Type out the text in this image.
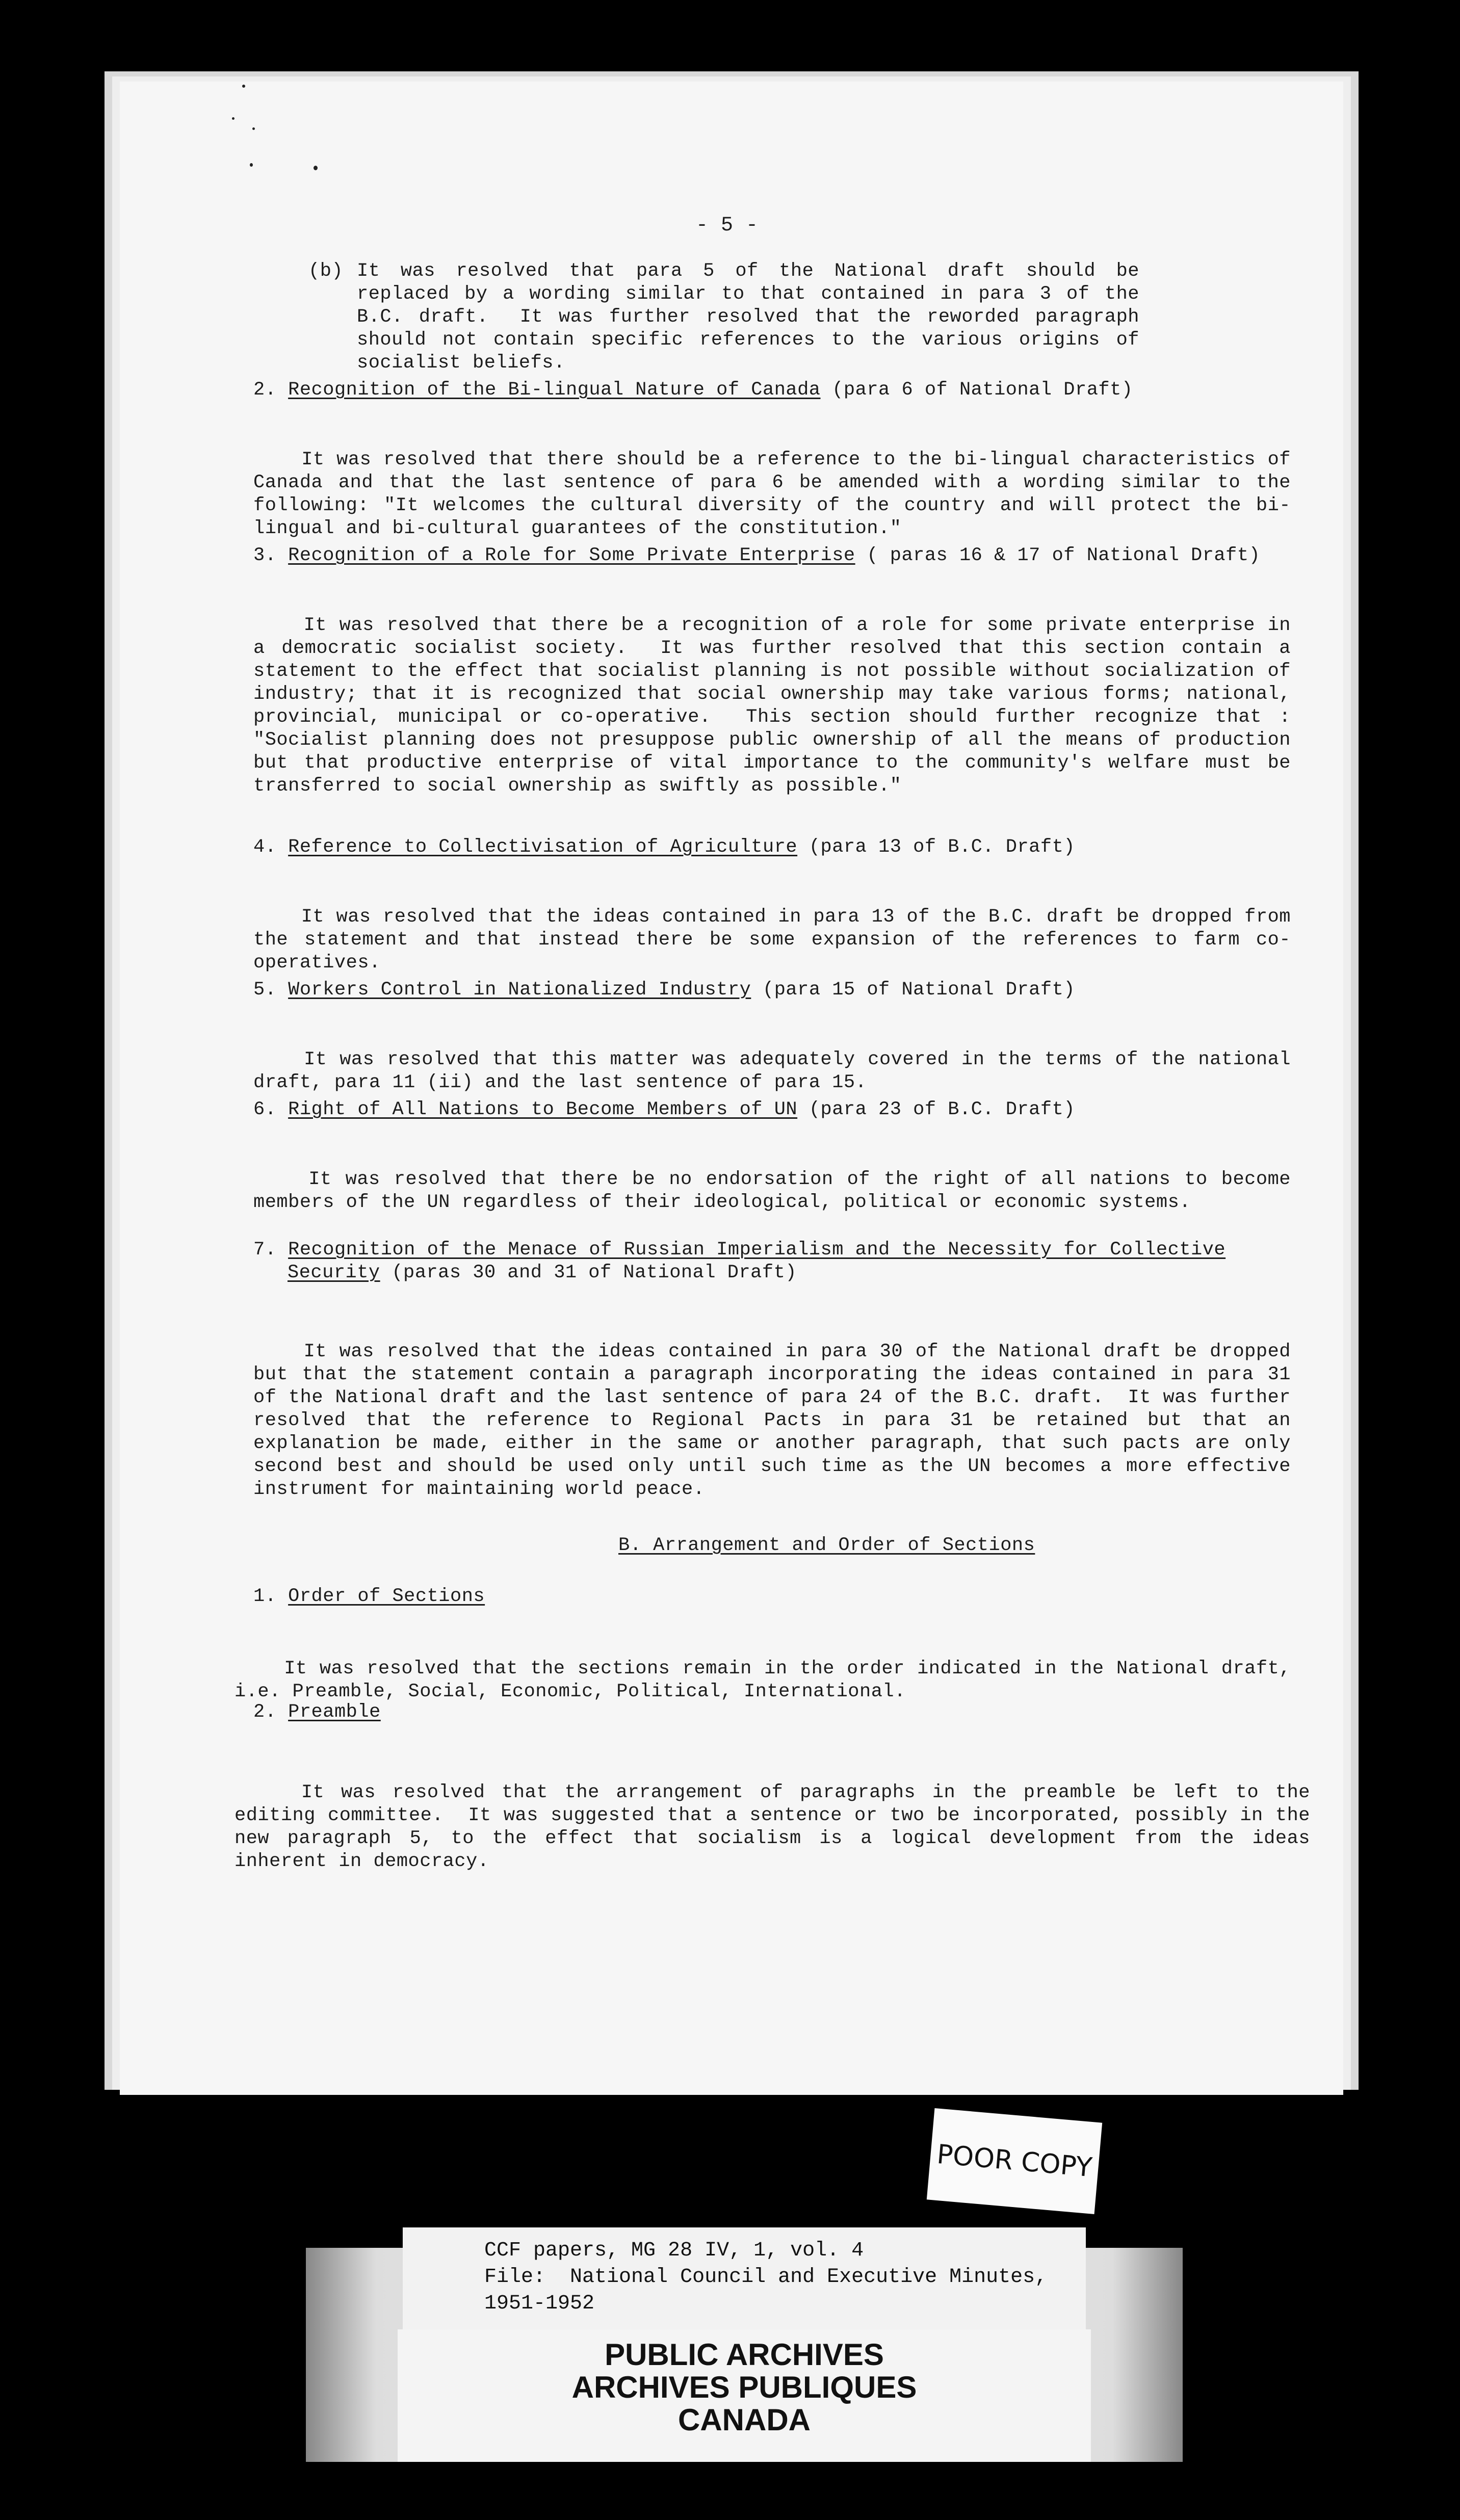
- 5 -

(b) It was resolved that para 5 of the National draft should be replaced by a wording similar to that contained in para 3 of the B.C. draft.  It was further resolved that the reworded paragraph should not contain specific references to the various origins of socialist beliefs.

2. Recognition of the Bi-lingual Nature of Canada (para 6 of National Draft)

It was resolved that there should be a reference to the bi-lingual characteristics of Canada and that the last sentence of para 6 be amended with a wording similar to the following: "It welcomes the cultural diversity of the country and will protect the bi-lingual and bi-cultural guarantees of the constitution."

3. Recognition of a Role for Some Private Enterprise ( paras 16 & 17 of National Draft)

It was resolved that there be a recognition of a role for some private enterprise in a democratic socialist society.  It was further resolved that this section contain a statement to the effect that socialist planning is not possible without socialization of industry; that it is recognized that social ownership may take various forms; national, provincial, municipal or co-operative.  This section should further recognize that : "Socialist planning does not presuppose public ownership of all the means of production but that productive enterprise of vital importance to the community's welfare must be transferred to social ownership as swiftly as possible."

4. Reference to Collectivisation of Agriculture (para 13 of B.C. Draft)

It was resolved that the ideas contained in para 13 of the B.C. draft be dropped from the statement and that instead there be some expansion of the references to farm co-operatives.

5. Workers Control in Nationalized Industry (para 15 of National Draft)

It was resolved that this matter was adequately covered in the terms of the national draft, para 11 (ii) and the last sentence of para 15.

6. Right of All Nations to Become Members of UN (para 23 of B.C. Draft)

It was resolved that there be no endorsation of the right of all nations to become members of the UN regardless of their ideological, political or economic systems.

7. Recognition of the Menace of Russian Imperialism and the Necessity for Collective
Security (paras 30 and 31 of National Draft)

It was resolved that the ideas contained in para 30 of the National draft be dropped but that the statement contain a paragraph incorporating the ideas contained in para 31 of the National draft and the last sentence of para 24 of the B.C. draft.  It was further resolved that the reference to Regional Pacts in para 31 be retained but that an explanation be made, either in the same or another paragraph, that such pacts are only second best and should be used only until such time as the UN becomes a more effective instrument for maintaining world peace.

B. Arrangement and Order of Sections

1. Order of Sections

It was resolved that the sections remain in the order indicated in the National draft, i.e. Preamble, Social, Economic, Political, International.

2. Preamble

It was resolved that the arrangement of paragraphs in the preamble be left to the editing committee.  It was suggested that a sentence or two be incorporated, possibly in the new paragraph 5, to the effect that socialism is a logical development from the ideas inherent in democracy.

POOR COPY
CCF papers, MG 28 IV, 1, vol. 4
File:  National Council and Executive Minutes,
1951-1952
PUBLIC ARCHIVES
ARCHIVES PUBLIQUES
CANADA
